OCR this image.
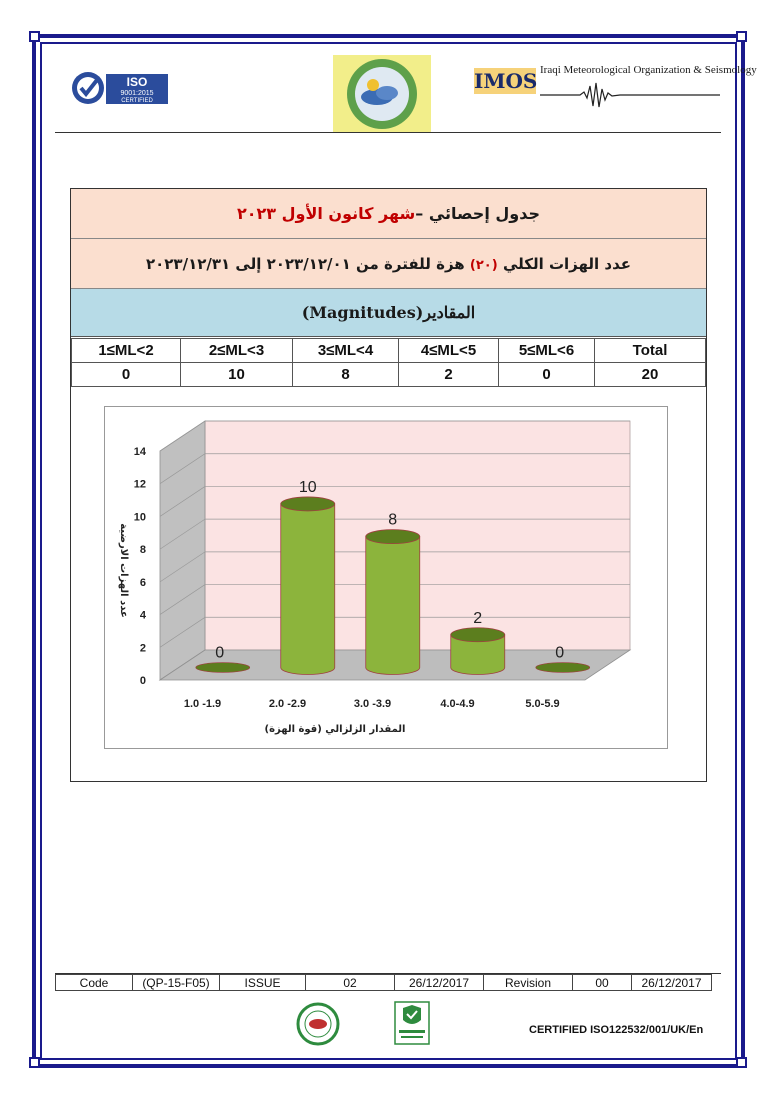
ISO
9001:2015
CERTIFIED
IMOS Iraqi Meteorological Organization & Seismology
جدول إحصائي –شهر كانون الأول ٢٠٢٣
عدد الهزات الكلي (٢٠) هزة للفترة من ٢٠٢٣/١٢/٠١ إلى ٢٠٢٣/١٢/٣١
(Magnitudes)المقادير
1≤ML<2	2≤ML<3	3≤ML<4	4≤ML<5	5≤ML<6	Total
0	10	8	2	0	20
0
2
4
6
8
10
12
14
1.0 -1.9	2.0 -2.9	3.0 -3.9	4.0-4.9	5.0-5.9
0
10
8
2
0
عدد الهزات الارضية
المقدار الزلزالي (قوة الهزة)
Code	(QP-15-F05)	ISSUE	02	26/12/2017	Revision	00	26/12/2017
CERTIFIED ISO122532/001/UK/En
